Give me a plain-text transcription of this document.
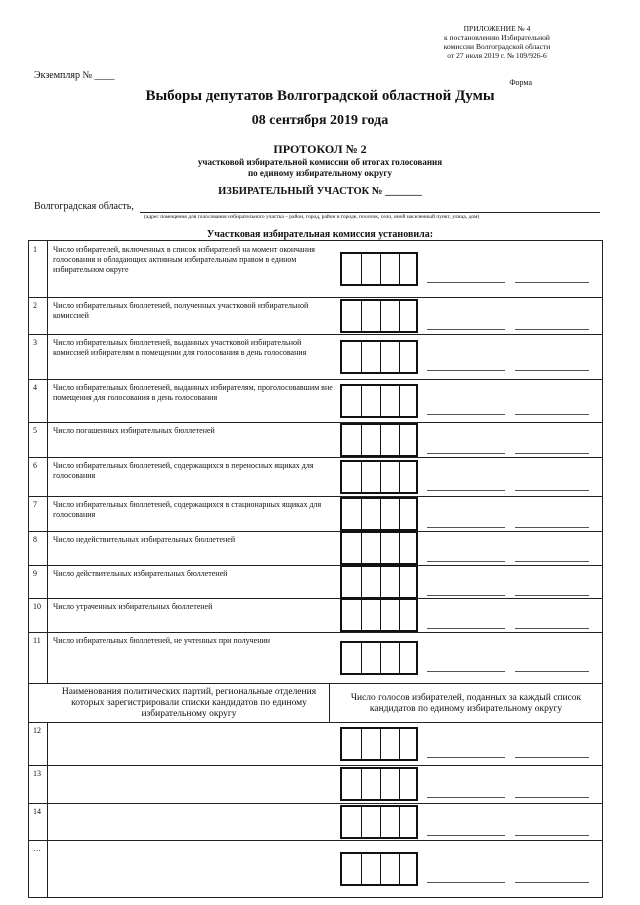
ПРИЛОЖЕНИЕ № 4
к постановлению Избирательной
комиссии Волгоградской области
от 27 июля 2019 г. № 109/926-6
Экземпляр № ____
Форма
Выборы депутатов Волгоградской областной Думы
08 сентября 2019 года
ПРОТОКОЛ № 2
участковой избирательной комиссии об итогах голосования
по единому избирательному округу
ИЗБИРАТЕЛЬНЫЙ УЧАСТОК № _______
Волгоградская область,
(адрес помещения для голосования избирательного участка – район, город, район в городе, поселок, село, иной населенный пункт, улица, дом)
Участковая избирательная комиссия установила:
1 Число избирателей, включенных в список избирателей на момент окончания голосования и обладающих активным избирательным правом в едином избирательном округе
2 Число избирательных бюллетеней, полученных участковой избирательной комиссией
3 Число избирательных бюллетеней, выданных участковой избирательной комиссией избирателям в помещении для голосования в день голосования
4 Число избирательных бюллетеней, выданных избирателям, проголосовавшим вне помещения для голосования в день голосования
5 Число погашенных избирательных бюллетеней
6 Число избирательных бюллетеней, содержащихся в переносных ящиках для голосования
7 Число избирательных бюллетеней, содержащихся в стационарных ящиках для голосования
8 Число недействительных избирательных бюллетеней
9 Число действительных избирательных бюллетеней
10 Число утраченных избирательных бюллетеней
11 Число избирательных бюллетеней, не учтенных при получении
12
13
14
…
Наименования политических партий, региональные отделения которых зарегистрировали списки кандидатов по единому избирательному округу
Число голосов избирателей, поданных за каждый список кандидатов по единому избирательному округу
